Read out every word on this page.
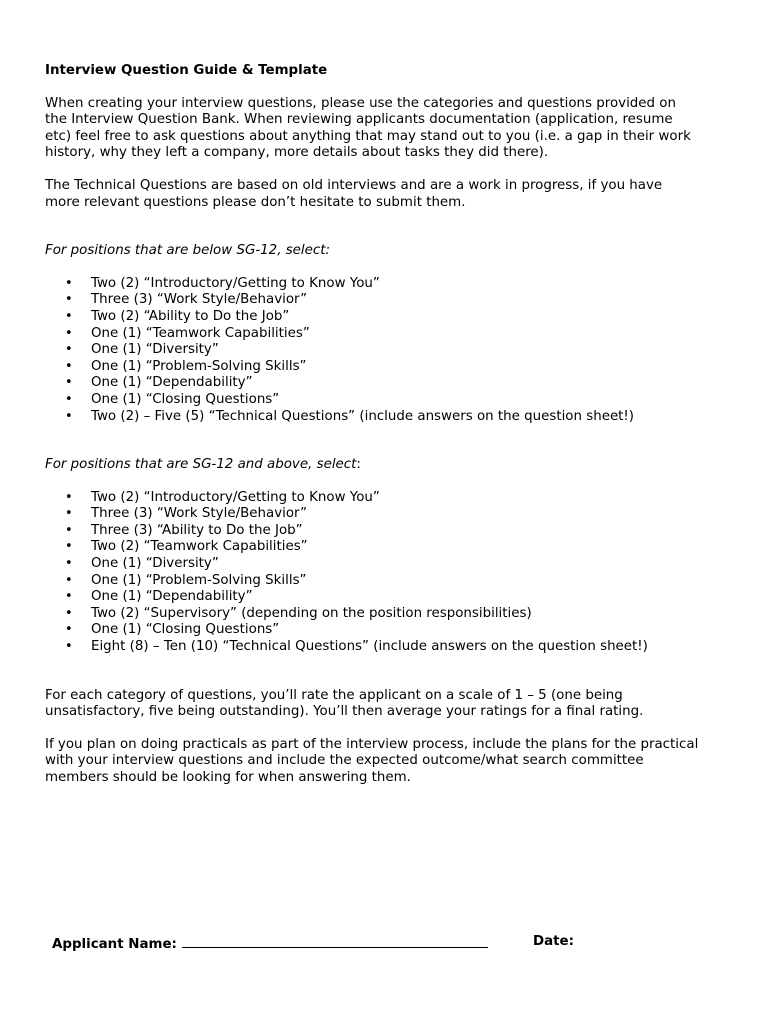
Interview Question Guide & Template

When creating your interview questions, please use the categories and questions provided on

the Interview Question Bank. When reviewing applicants documentation (application, resume

etc) feel free to ask questions about anything that may stand out to you (i.e. a gap in their work

history, why they left a company, more details about tasks they did there).

The Technical Questions are based on old interviews and are a work in progress, if you have

more relevant questions please don’t hesitate to submit them.

For positions that are below SG-12, select:

• Two (2) “Introductory/Getting to Know You”
• Three (3) “Work Style/Behavior”
• Two (2) “Ability to Do the Job”
• One (1) “Teamwork Capabilities”
• One (1) “Diversity”
• One (1) “Problem-Solving Skills”
• One (1) “Dependability”
• One (1) “Closing Questions”
• Two (2) – Five (5) “Technical Questions” (include answers on the question sheet!)

For positions that are SG-12 and above, select:

• Two (2) “Introductory/Getting to Know You”
• Three (3) “Work Style/Behavior”
• Three (3) “Ability to Do the Job”
• Two (2) “Teamwork Capabilities”
• One (1) “Diversity”
• One (1) “Problem-Solving Skills”
• One (1) “Dependability”
• Two (2) “Supervisory” (depending on the position responsibilities)
• One (1) “Closing Questions”
• Eight (8) – Ten (10) “Technical Questions” (include answers on the question sheet!)

For each category of questions, you’ll rate the applicant on a scale of 1 – 5 (one being

unsatisfactory, five being outstanding). You’ll then average your ratings for a final rating.

If you plan on doing practicals as part of the interview process, include the plans for the practical

with your interview questions and include the expected outcome/what search committee

members should be looking for when answering them.

Applicant Name:	Date:
